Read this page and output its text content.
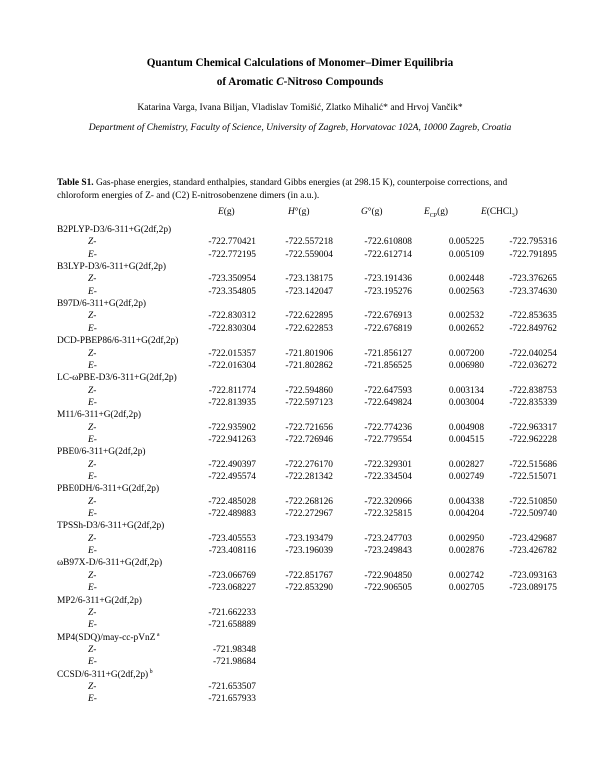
Quantum Chemical Calculations of Monomer–Dimer Equilibria
of Aromatic C-Nitroso Compounds
Katarina Varga, Ivana Biljan, Vladislav Tomišić, Zlatko Mihalić* and Hrvoj Vančik*
Department of Chemistry, Faculty of Science, University of Zagreb, Horvatovac 102A, 10000 Zagreb, Croatia
Table S1. Gas-phase energies, standard enthalpies, standard Gibbs energies (at 298.15 K), counterpoise corrections, and chloroform energies of Z- and (C2) E-nitrosobenzene dimers (in a.u.).
E(g)	H°(g)	G°(g)	$E_{CP}(g)$	E(CHCl$_3$)
B2PLYP-D3/6-311+G(2df,2p)
Z-	-722.770421	-722.557218	-722.610808	0.005225	-722.795316
E-	-722.772195	-722.559004	-722.612714	0.005109	-722.791895
B3LYP-D3/6-311+G(2df,2p)
Z-	-723.350954	-723.138175	-723.191436	0.002448	-723.376265
E-	-723.354805	-723.142047	-723.195276	0.002563	-723.374630
B97D/6-311+G(2df,2p)
Z-	-722.830312	-722.622895	-722.676913	0.002532	-722.853635
E-	-722.830304	-722.622853	-722.676819	0.002652	-722.849762
DCD-PBEP86/6-311+G(2df,2p)
Z-	-722.015357	-721.801906	-721.856127	0.007200	-722.040254
E-	-722.016304	-721.802862	-721.856525	0.006980	-722.036272
LC-ωPBE-D3/6-311+G(2df,2p)
Z-	-722.811774	-722.594860	-722.647593	0.003134	-722.838753
E-	-722.813935	-722.597123	-722.649824	0.003004	-722.835339
M11/6-311+G(2df,2p)
Z-	-722.935902	-722.721656	-722.774236	0.004908	-722.963317
E-	-722.941263	-722.726946	-722.779554	0.004515	-722.962228
PBE0/6-311+G(2df,2p)
Z-	-722.490397	-722.276170	-722.329301	0.002827	-722.515686
E-	-722.495574	-722.281342	-722.334504	0.002749	-722.515071
PBE0DH/6-311+G(2df,2p)
Z-	-722.485028	-722.268126	-722.320966	0.004338	-722.510850
E-	-722.489883	-722.272967	-722.325815	0.004204	-722.509740
TPSSh-D3/6-311+G(2df,2p)
Z-	-723.405553	-723.193479	-723.247703	0.002950	-723.429687
E-	-723.408116	-723.196039	-723.249843	0.002876	-723.426782
ωB97X-D/6-311+G(2df,2p)
Z-	-723.066769	-722.851767	-722.904850	0.002742	-723.093163
E-	-723.068227	-722.853290	-722.906505	0.002705	-723.089175
MP2/6-311+G(2df,2p)
Z-	-721.662233
E-	-721.658889
MP4(SDQ)/may-cc-pVnZ $^a$
Z-	-721.98348
E-	-721.98684
CCSD/6-311+G(2df,2p) $^b$
Z-	-721.653507
E-	-721.657933
